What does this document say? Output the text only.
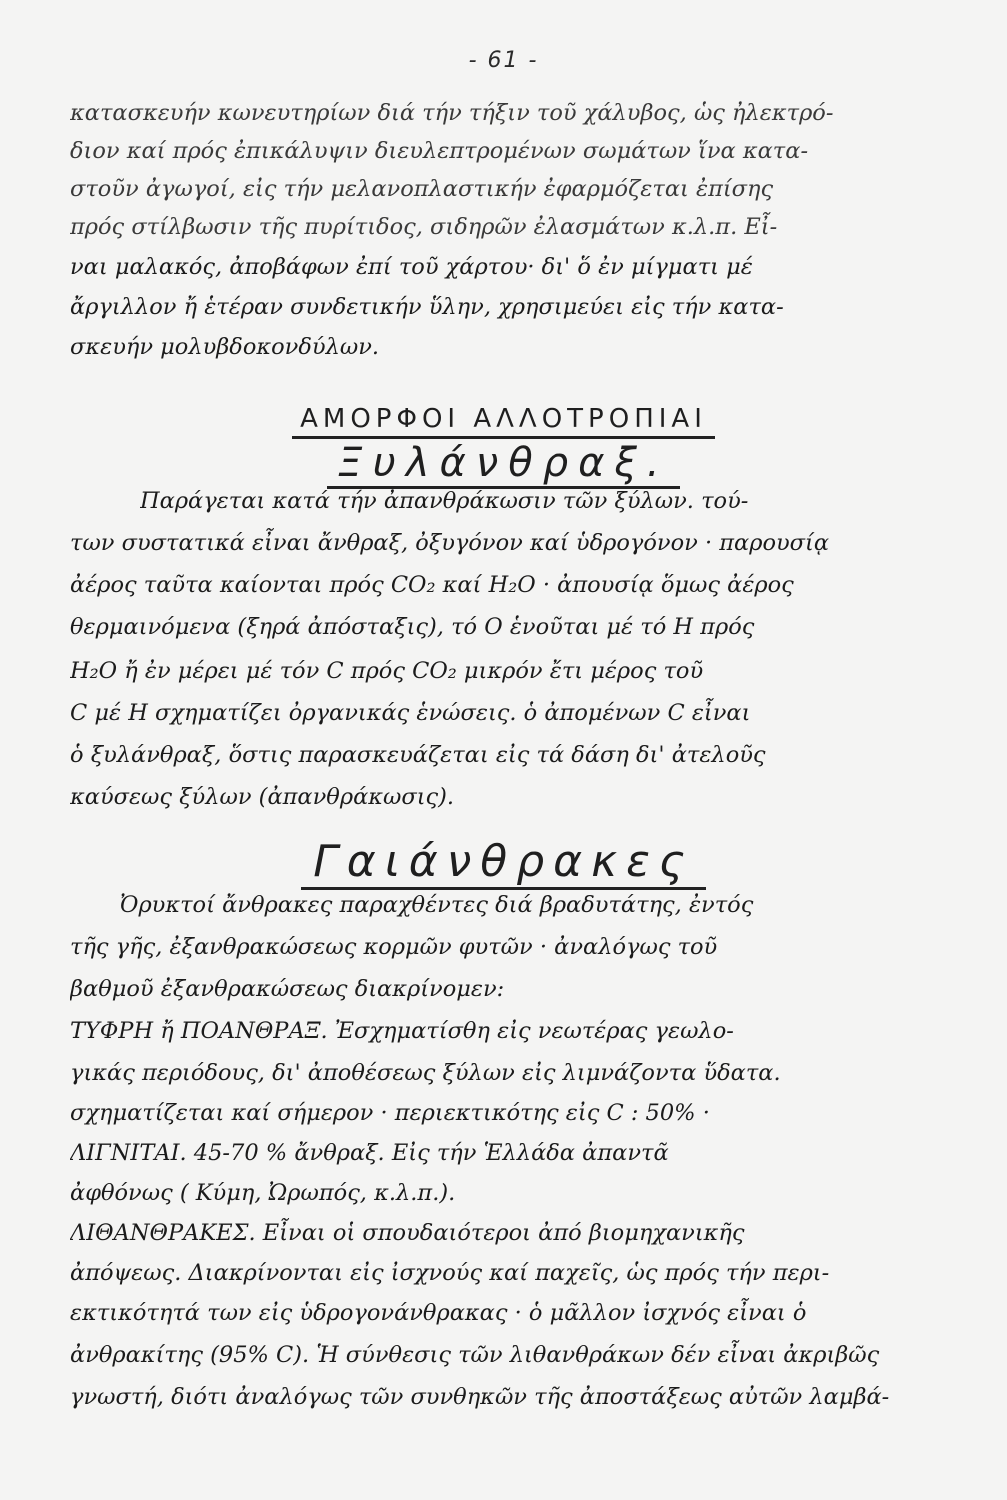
- 61 -
κατασκευήν κωνευτηρίων διά τήν τήξιν τοῦ χάλυβος, ὡς ἠλεκτρό-
διον καί πρός ἐπικάλυψιν διευλεπτρομένων σωμάτων ἵνα κατα-
στοῦν ἀγωγοί, εἰς τήν μελανοπλαστικήν ἐφαρμόζεται ἐπίσης
πρός στίλβωσιν τῆς πυρίτιδος, σιδηρῶν ἐλασμάτων κ.λ.π. Εἶ-
ναι μαλακός, ἀποβάφων ἐπί τοῦ χάρτου· δι' ὅ ἐν μίγματι μέ
ἄργιλλον ἤ ἑτέραν συνδετικήν ὕλην, χρησιμεύει εἰς τήν κατα-
σκευήν μολυβδοκονδύλων.
ΑΜΟΡΦΟΙ ΑΛΛΟΤΡΟΠΙΑΙ
Ξυλάνθραξ.
Παράγεται κατά τήν ἀπανθράκωσιν τῶν ξύλων. τού-
των συστατικά εἶναι ἄνθραξ, ὀξυγόνον καί ὑδρογόνον · παρουσίᾳ
ἀέρος ταῦτα καίονται πρός CO₂ καί H₂O · ἀπουσίᾳ ὅμως ἀέρος
θερμαινόμενα (ξηρά ἀπόσταξις), τό O ἑνοῦται μέ τό H πρός
H₂O ἤ ἐν μέρει μέ τόν C πρός CO₂ μικρόν ἔτι μέρος τοῦ
C μέ H σχηματίζει ὀργανικάς ἑνώσεις. ὁ ἀπομένων C εἶναι
ὁ ξυλάνθραξ, ὅστις παρασκευάζεται εἰς τά δάση δι' ἀτελοῦς
καύσεως ξύλων (ἀπανθράκωσις).
Γαιάνθρακες
Ὀρυκτοί ἄνθρακες παραχθέντες διά βραδυτάτης, ἐντός
τῆς γῆς, ἐξανθρακώσεως κορμῶν φυτῶν · ἀναλόγως τοῦ
βαθμοῦ ἐξανθρακώσεως διακρίνομεν:
ΤΥΦΡΗ ἤ ΠΟΑΝΘΡΑΞ. Ἐσχηματίσθη εἰς νεωτέρας γεωλο-
γικάς περιόδους, δι' ἀποθέσεως ξύλων εἰς λιμνάζοντα ὕδατα.
σχηματίζεται καί σήμερον · περιεκτικότης εἰς C : 50% ·
ΛΙΓΝΙΤΑΙ. 45-70 % ἄνθραξ. Εἰς τήν Ἑλλάδα ἀπαντᾶ
ἀφθόνως ( Κύμη, Ὠρωπός, κ.λ.π.).
ΛΙΘΑΝΘΡΑΚΕΣ. Εἶναι οἱ σπουδαιότεροι ἀπό βιομηχανικῆς
ἀπόψεως. Διακρίνονται εἰς ἰσχνούς καί παχεῖς, ὡς πρός τήν περι-
εκτικότητά των εἰς ὑδρογονάνθρακας · ὁ μᾶλλον ἰσχνός εἶναι ὁ
ἀνθρακίτης (95% C). Ἡ σύνθεσις τῶν λιθανθράκων δέν εἶναι ἀκριβῶς
γνωστή, διότι ἀναλόγως τῶν συνθηκῶν τῆς ἀποστάξεως αὐτῶν λαμβά-
